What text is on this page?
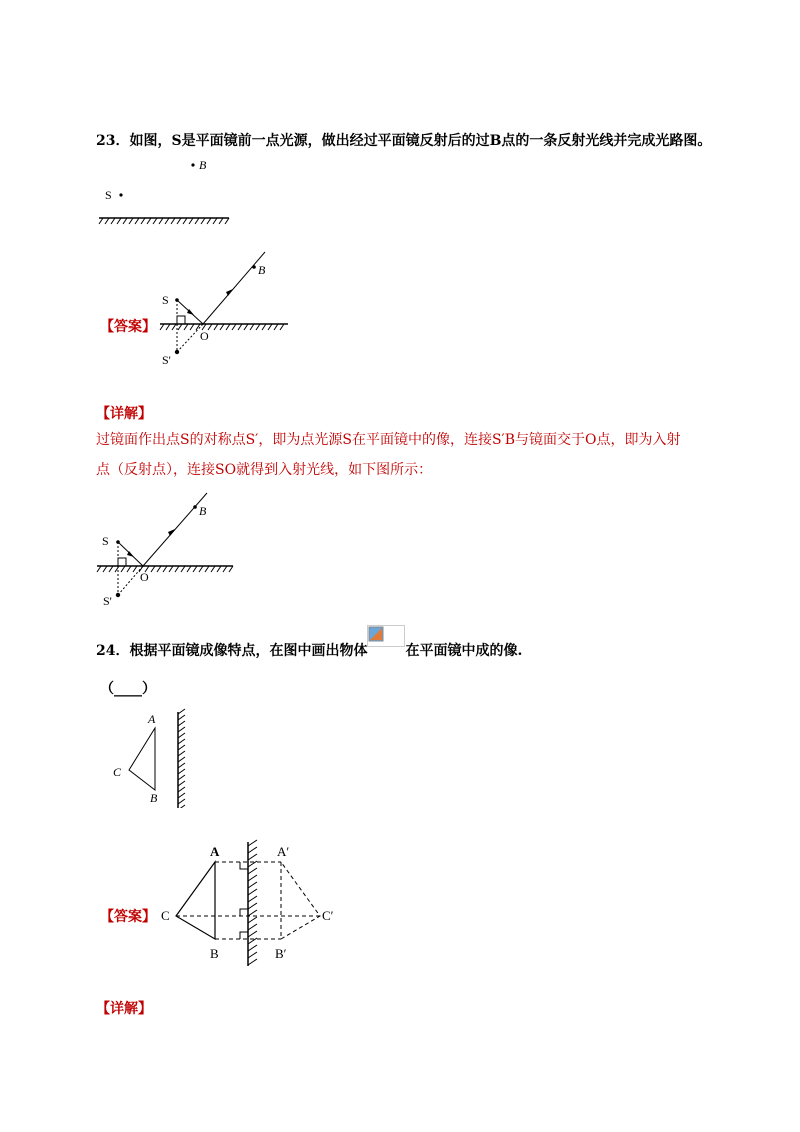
23．如图，S是平面镜前一点光源，做出经过平面镜反射后的过B点的一条反射光线并完成光路图。
S
B
【答案】
S
B
O
S'
【详解】
过镜面作出点S的对称点S′，即为点光源S在平面镜中的像，连接S′B与镜面交于O点，即为入射
点（反射点），连接SO就得到入射光线，如下图所示：
S
B
O
S'
24．根据平面镜成像特点，在图中画出物体	在平面镜中成的像.
（____）
A
B
C
【答案】
A
B
C
A′
B′
C′
【详解】
